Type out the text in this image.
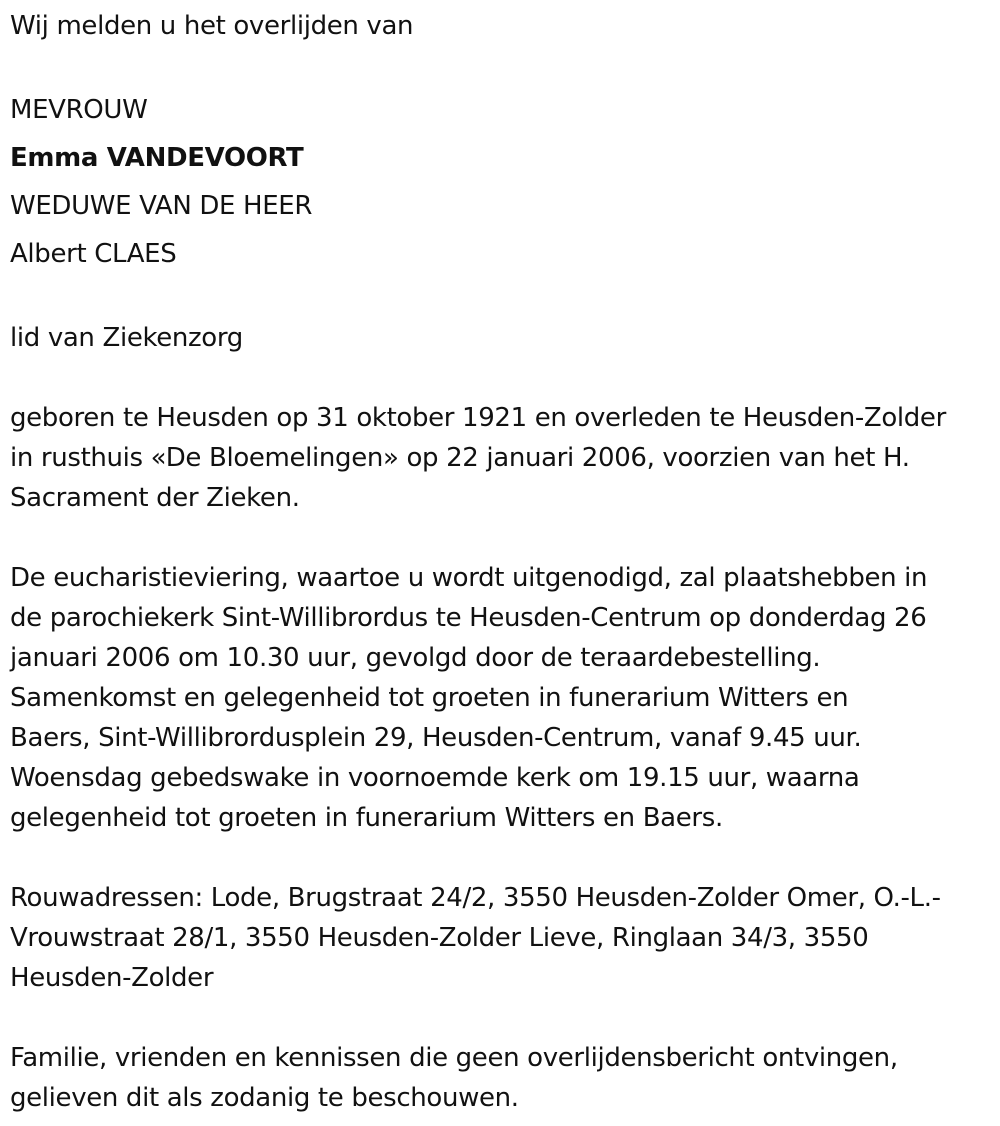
Wij melden u het overlijden van
MEVROUW
Emma VANDEVOORT
WEDUWE VAN DE HEER
Albert CLAES
lid van Ziekenzorg
geboren te Heusden op 31 oktober 1921 en overleden te Heusden-Zolder
in rusthuis «De Bloemelingen» op 22 januari 2006, voorzien van het H.
Sacrament der Zieken.
De eucharistieviering, waartoe u wordt uitgenodigd, zal plaatshebben in
de parochiekerk Sint-Willibrordus te Heusden-Centrum op donderdag 26
januari 2006 om 10.30 uur, gevolgd door de teraardebestelling.
Samenkomst en gelegenheid tot groeten in funerarium Witters en
Baers, Sint-Willibrordusplein 29, Heusden-Centrum, vanaf 9.45 uur.
Woensdag gebedswake in voornoemde kerk om 19.15 uur, waarna
gelegenheid tot groeten in funerarium Witters en Baers.
Rouwadressen: Lode, Brugstraat 24/2, 3550 Heusden-Zolder Omer, O.-L.-
Vrouwstraat 28/1, 3550 Heusden-Zolder Lieve, Ringlaan 34/3, 3550
Heusden-Zolder
Familie, vrienden en kennissen die geen overlijdensbericht ontvingen,
gelieven dit als zodanig te beschouwen.
